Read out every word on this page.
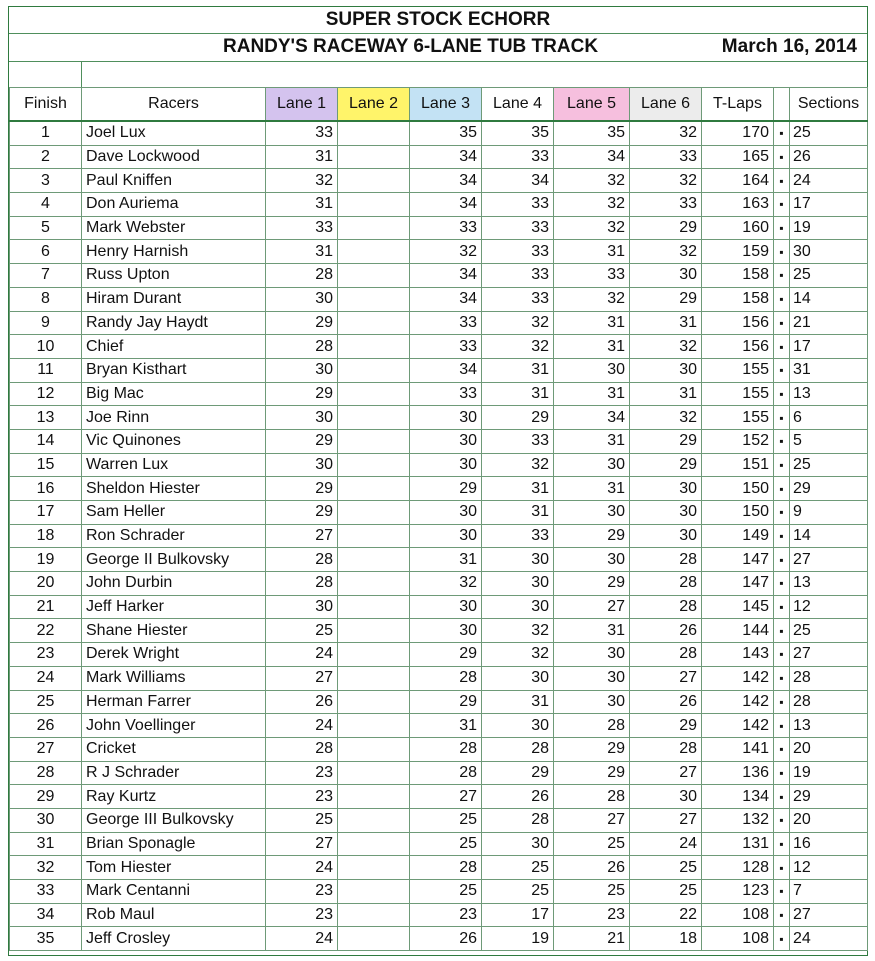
SUPER STOCK ECHORR
RANDY'S RACEWAY 6-LANE TUB TRACK	March 16, 2014
Finish	Racers	Lane 1	Lane 2	Lane 3	Lane 4	Lane 5	Lane 6	T-Laps		Sections
1	Joel Lux	33		35	35	35	32	170	▪	25
2	Dave Lockwood	31		34	33	34	33	165	▪	26
3	Paul Kniffen	32		34	34	32	32	164	▪	24
4	Don Auriema	31		34	33	32	33	163	▪	17
5	Mark Webster	33		33	33	32	29	160	▪	19
6	Henry Harnish	31		32	33	31	32	159	▪	30
7	Russ Upton	28		34	33	33	30	158	▪	25
8	Hiram Durant	30		34	33	32	29	158	▪	14
9	Randy Jay Haydt	29		33	32	31	31	156	▪	21
10	Chief	28		33	32	31	32	156	▪	17
11	Bryan Kisthart	30		34	31	30	30	155	▪	31
12	Big Mac	29		33	31	31	31	155	▪	13
13	Joe Rinn	30		30	29	34	32	155	▪	6
14	Vic Quinones	29		30	33	31	29	152	▪	5
15	Warren Lux	30		30	32	30	29	151	▪	25
16	Sheldon Hiester	29		29	31	31	30	150	▪	29
17	Sam Heller	29		30	31	30	30	150	▪	9
18	Ron Schrader	27		30	33	29	30	149	▪	14
19	George II Bulkovsky	28		31	30	30	28	147	▪	27
20	John Durbin	28		32	30	29	28	147	▪	13
21	Jeff Harker	30		30	30	27	28	145	▪	12
22	Shane Hiester	25		30	32	31	26	144	▪	25
23	Derek Wright	24		29	32	30	28	143	▪	27
24	Mark Williams	27		28	30	30	27	142	▪	28
25	Herman Farrer	26		29	31	30	26	142	▪	28
26	John Voellinger	24		31	30	28	29	142	▪	13
27	Cricket	28		28	28	29	28	141	▪	20
28	R J Schrader	23		28	29	29	27	136	▪	19
29	Ray Kurtz	23		27	26	28	30	134	▪	29
30	George III Bulkovsky	25		25	28	27	27	132	▪	20
31	Brian Sponagle	27		25	30	25	24	131	▪	16
32	Tom Hiester	24		28	25	26	25	128	▪	12
33	Mark Centanni	23		25	25	25	25	123	▪	7
34	Rob Maul	23		23	17	23	22	108	▪	27
35	Jeff Crosley	24		26	19	21	18	108	▪	24
